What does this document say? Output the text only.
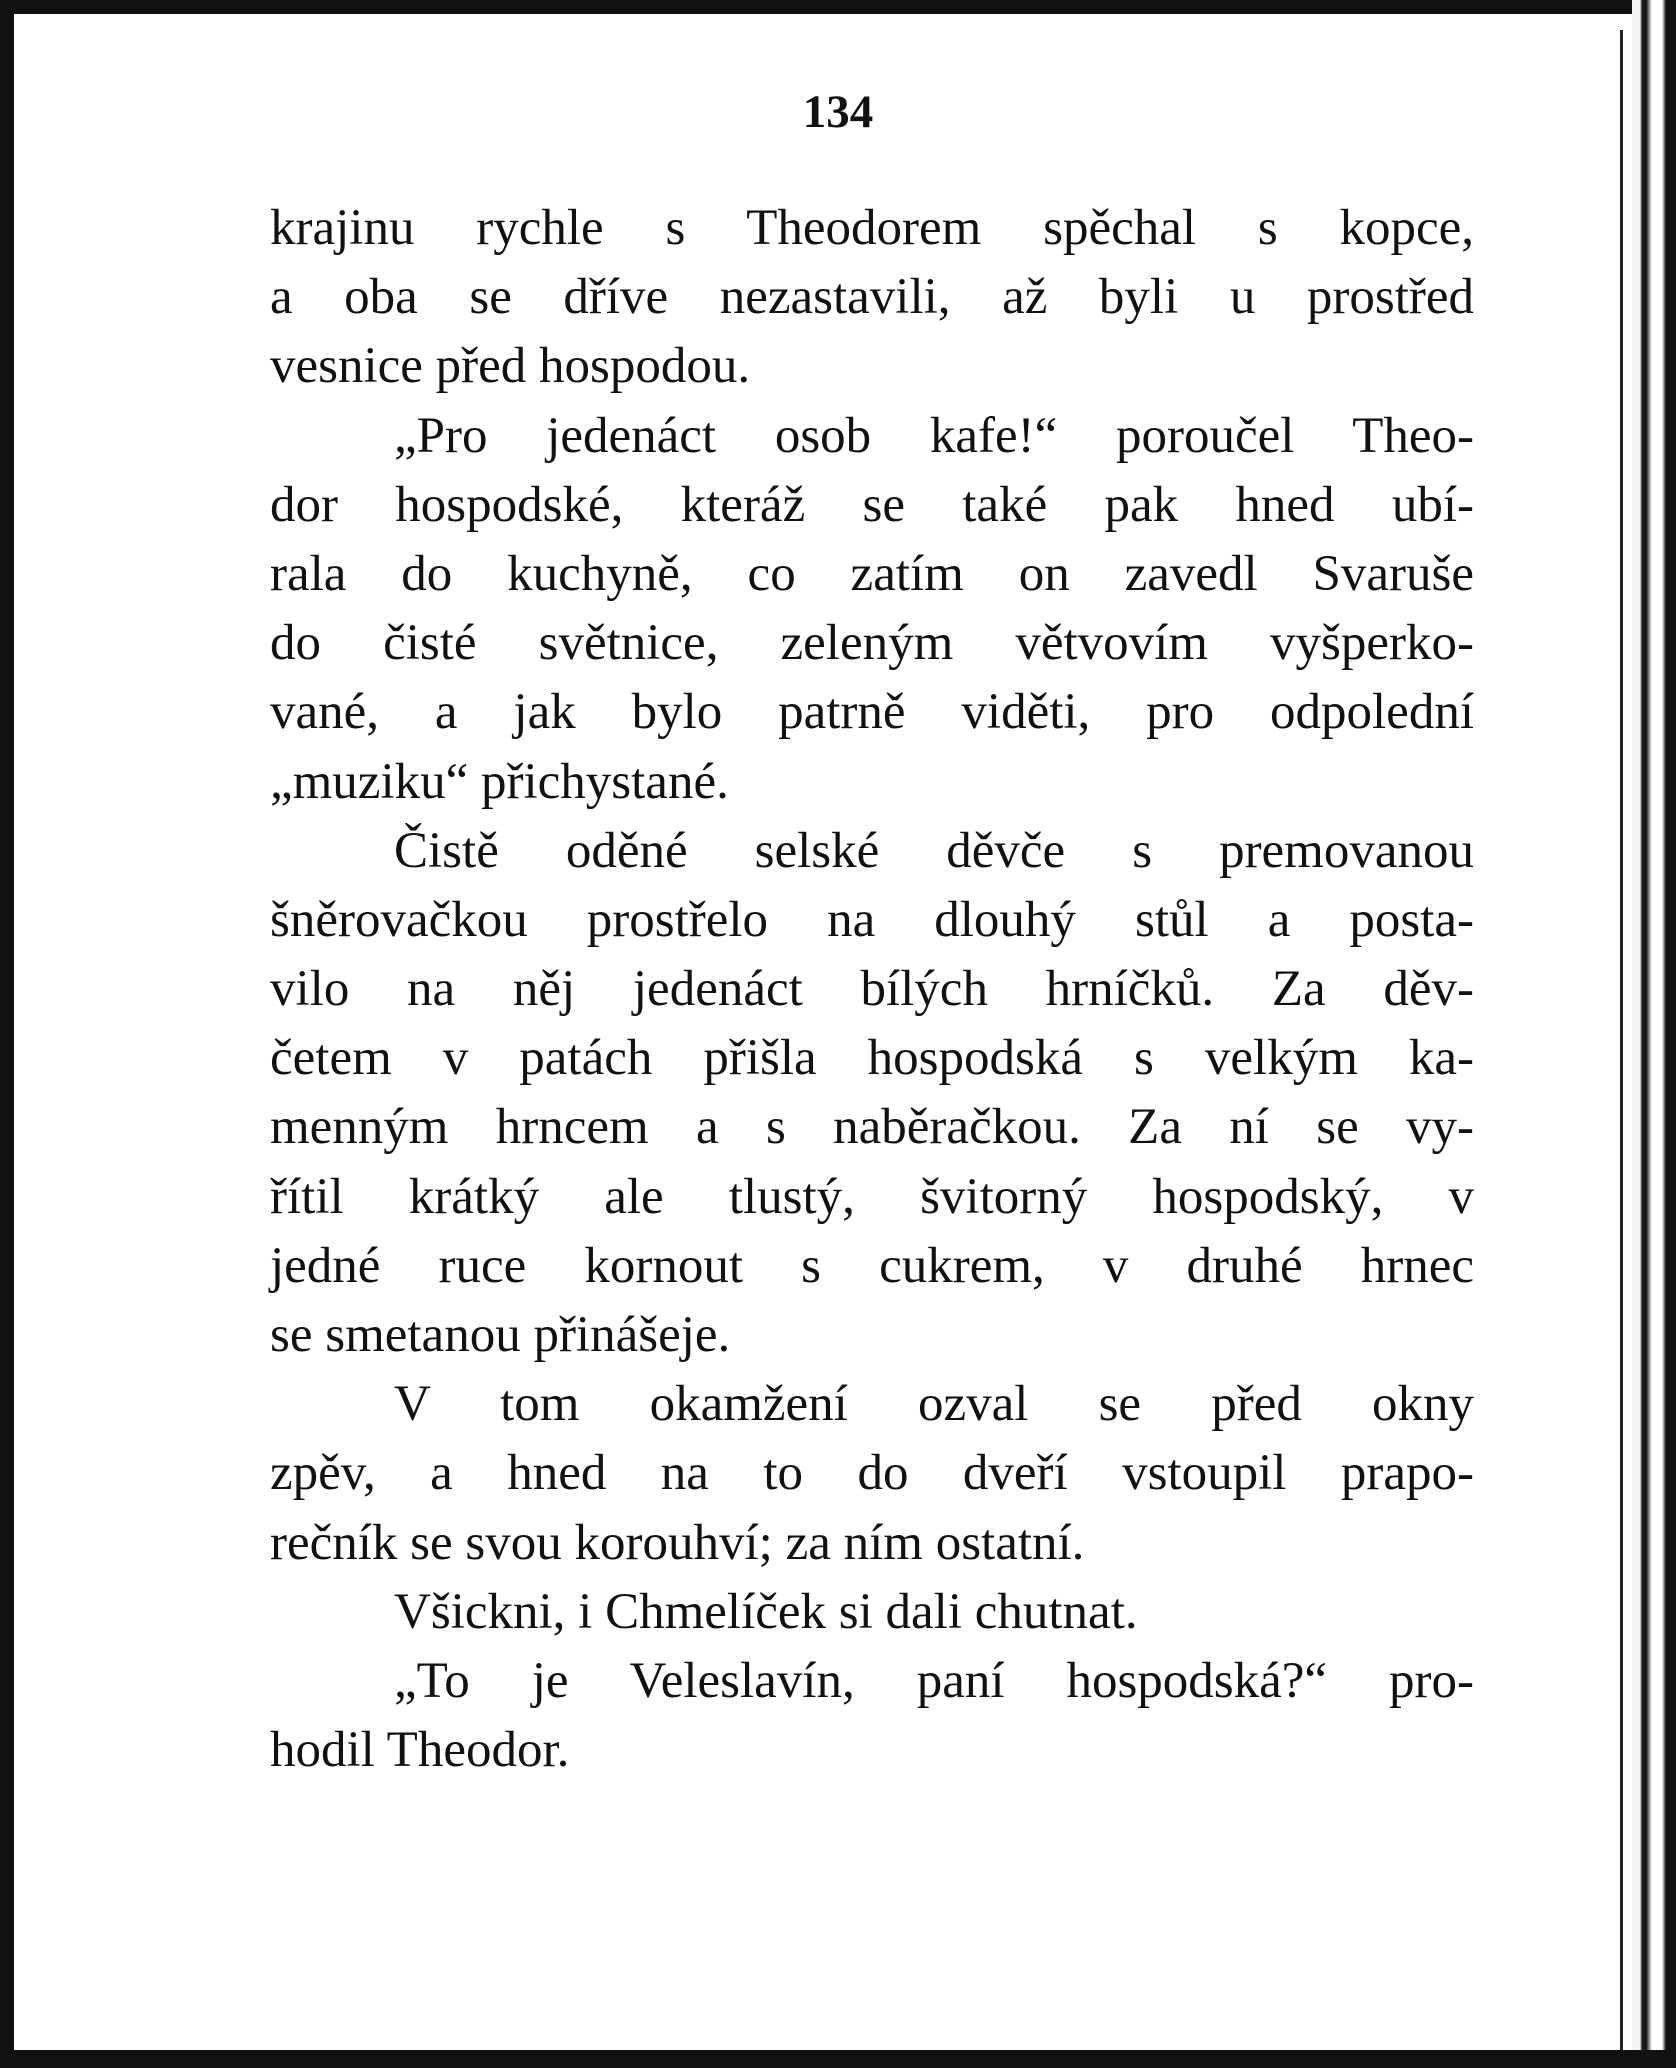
134
krajinu rychle s Theodorem spěchal s kopce,
a oba se dříve nezastavili, až byli u prostřed
vesnice před hospodou.
„Pro jedenáct osob kafe!“ poroučel Theo-
dor hospodské, kteráž se také pak hned ubí-
rala do kuchyně, co zatím on zavedl Svaruše
do čisté světnice, zeleným větvovím vyšperko-
vané, a jak bylo patrně viděti, pro odpolední
„muziku“ přichystané.
Čistě oděné selské děvče s premovanou
šněrovačkou prostřelo na dlouhý stůl a posta-
vilo na něj jedenáct bílých hrníčků. Za děv-
četem v patách přišla hospodská s velkým ka-
menným hrncem a s naběračkou. Za ní se vy-
řítil krátký ale tlustý, švitorný hospodský, v
jedné ruce kornout s cukrem, v druhé hrnec
se smetanou přinášeje.
V tom okamžení ozval se před okny
zpěv, a hned na to do dveří vstoupil prapo-
rečník se svou korouhví; za ním ostatní.
Všickni, i Chmelíček si dali chutnat.
„To je Veleslavín, paní hospodská?“ pro-
hodil Theodor.
